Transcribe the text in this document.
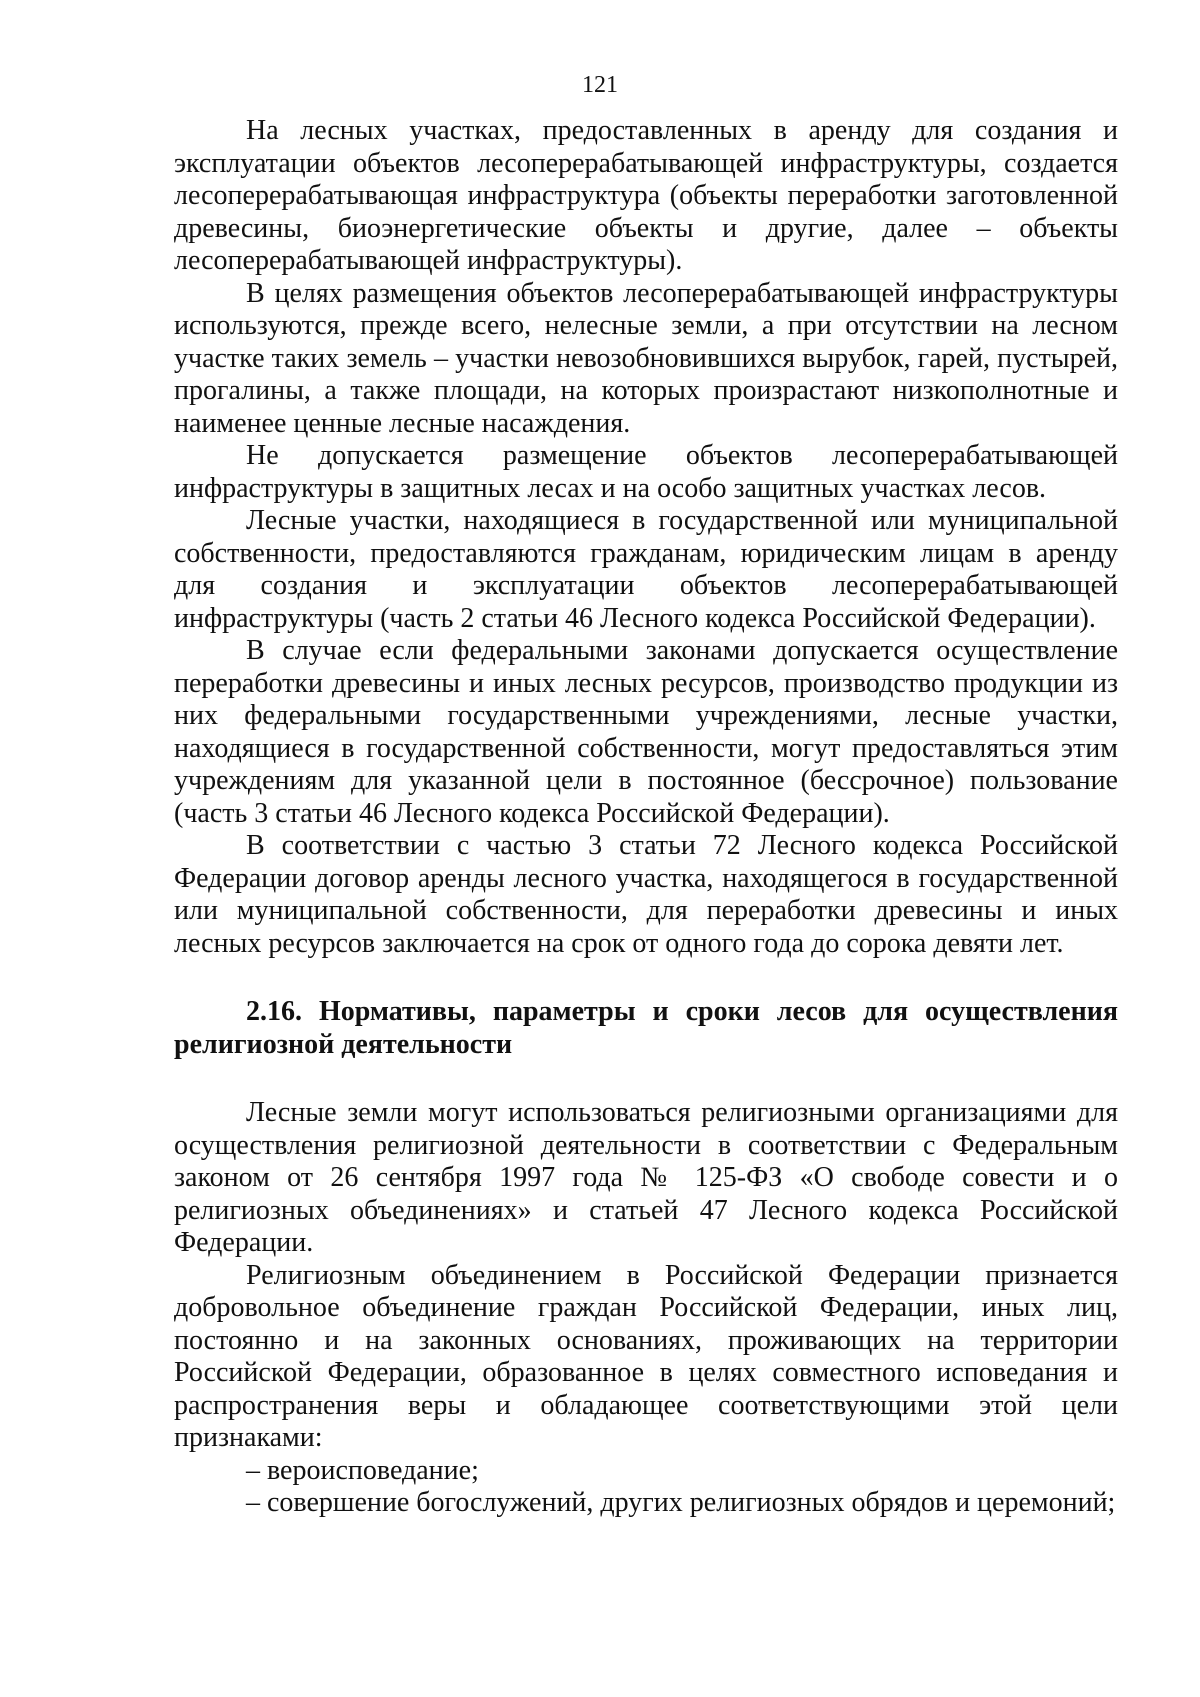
121

На лесных участках, предоставленных в аренду для создания и эксплуатации объектов лесоперерабатывающей инфраструктуры, создается лесоперерабатывающая инфраструктура (объекты переработки заготовленной древесины, биоэнергетические объекты и другие, далее – объекты лесоперерабатывающей инфраструктуры).

В целях размещения объектов лесоперерабатывающей инфраструктуры используются, прежде всего, нелесные земли, а при отсутствии на лесном участке таких земель – участки невозобновившихся вырубок, гарей, пустырей, прогалины, а также площади, на которых произрастают низкополнотные и наименее ценные лесные насаждения.

Не допускается размещение объектов лесоперерабатывающей инфраструктуры в защитных лесах и на особо защитных участках лесов.

Лесные участки, находящиеся в государственной или муниципальной собственности, предоставляются гражданам, юридическим лицам в аренду для создания и эксплуатации объектов лесоперерабатывающей инфраструктуры (часть 2 статьи 46 Лесного кодекса Российской Федерации).

В случае если федеральными законами допускается осуществление переработки древесины и иных лесных ресурсов, производство продукции из них федеральными государственными учреждениями, лесные участки, находящиеся в государственной собственности, могут предоставляться этим учреждениям для указанной цели в постоянное (бессрочное) пользование (часть 3 статьи 46 Лесного кодекса Российской Федерации).

В соответствии с частью 3 статьи 72 Лесного кодекса Российской Федерации договор аренды лесного участка, находящегося в государственной или муниципальной собственности, для переработки древесины и иных лесных ресурсов заключается на срок от одного года до сорока девяти лет.

2.16. Нормативы, параметры и сроки лесов для осуществления религиозной деятельности

Лесные земли могут использоваться религиозными организациями для осуществления религиозной деятельности в соответствии с Федеральным законом от 26 сентября 1997 года № 125-ФЗ «О свободе совести и о религиозных объединениях» и статьей 47 Лесного кодекса Российской Федерации.

Религиозным объединением в Российской Федерации признается добровольное объединение граждан Российской Федерации, иных лиц, постоянно и на законных основаниях, проживающих на территории Российской Федерации, образованное в целях совместного исповедания и распространения веры и обладающее соответствующими этой цели признаками:

– вероисповедание;

– совершение богослужений, других религиозных обрядов и церемоний;
